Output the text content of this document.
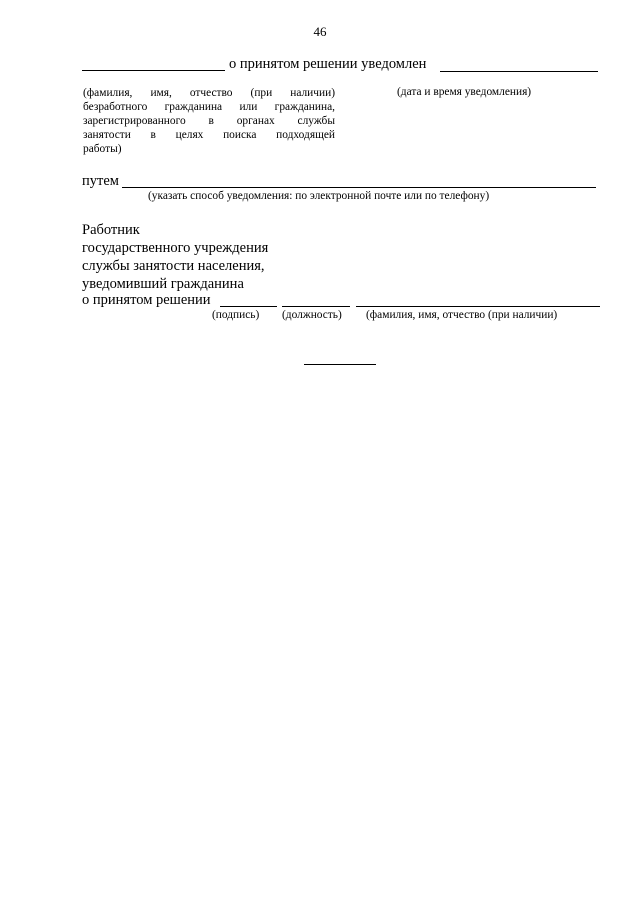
46
о принятом решении уведомлен
(фамилия, имя, отчество (при наличии)
безработного гражданина или гражданина,
зарегистрированного в органах службы
занятости в целях поиска подходящей
работы)
(дата и время уведомления)
путем
(указать способ уведомления: по электронной почте или по телефону)
Работник
государственного учреждения
службы занятости населения,
уведомивший гражданина
о принятом решении
(подпись) (должность) (фамилия, имя, отчество (при наличии)
